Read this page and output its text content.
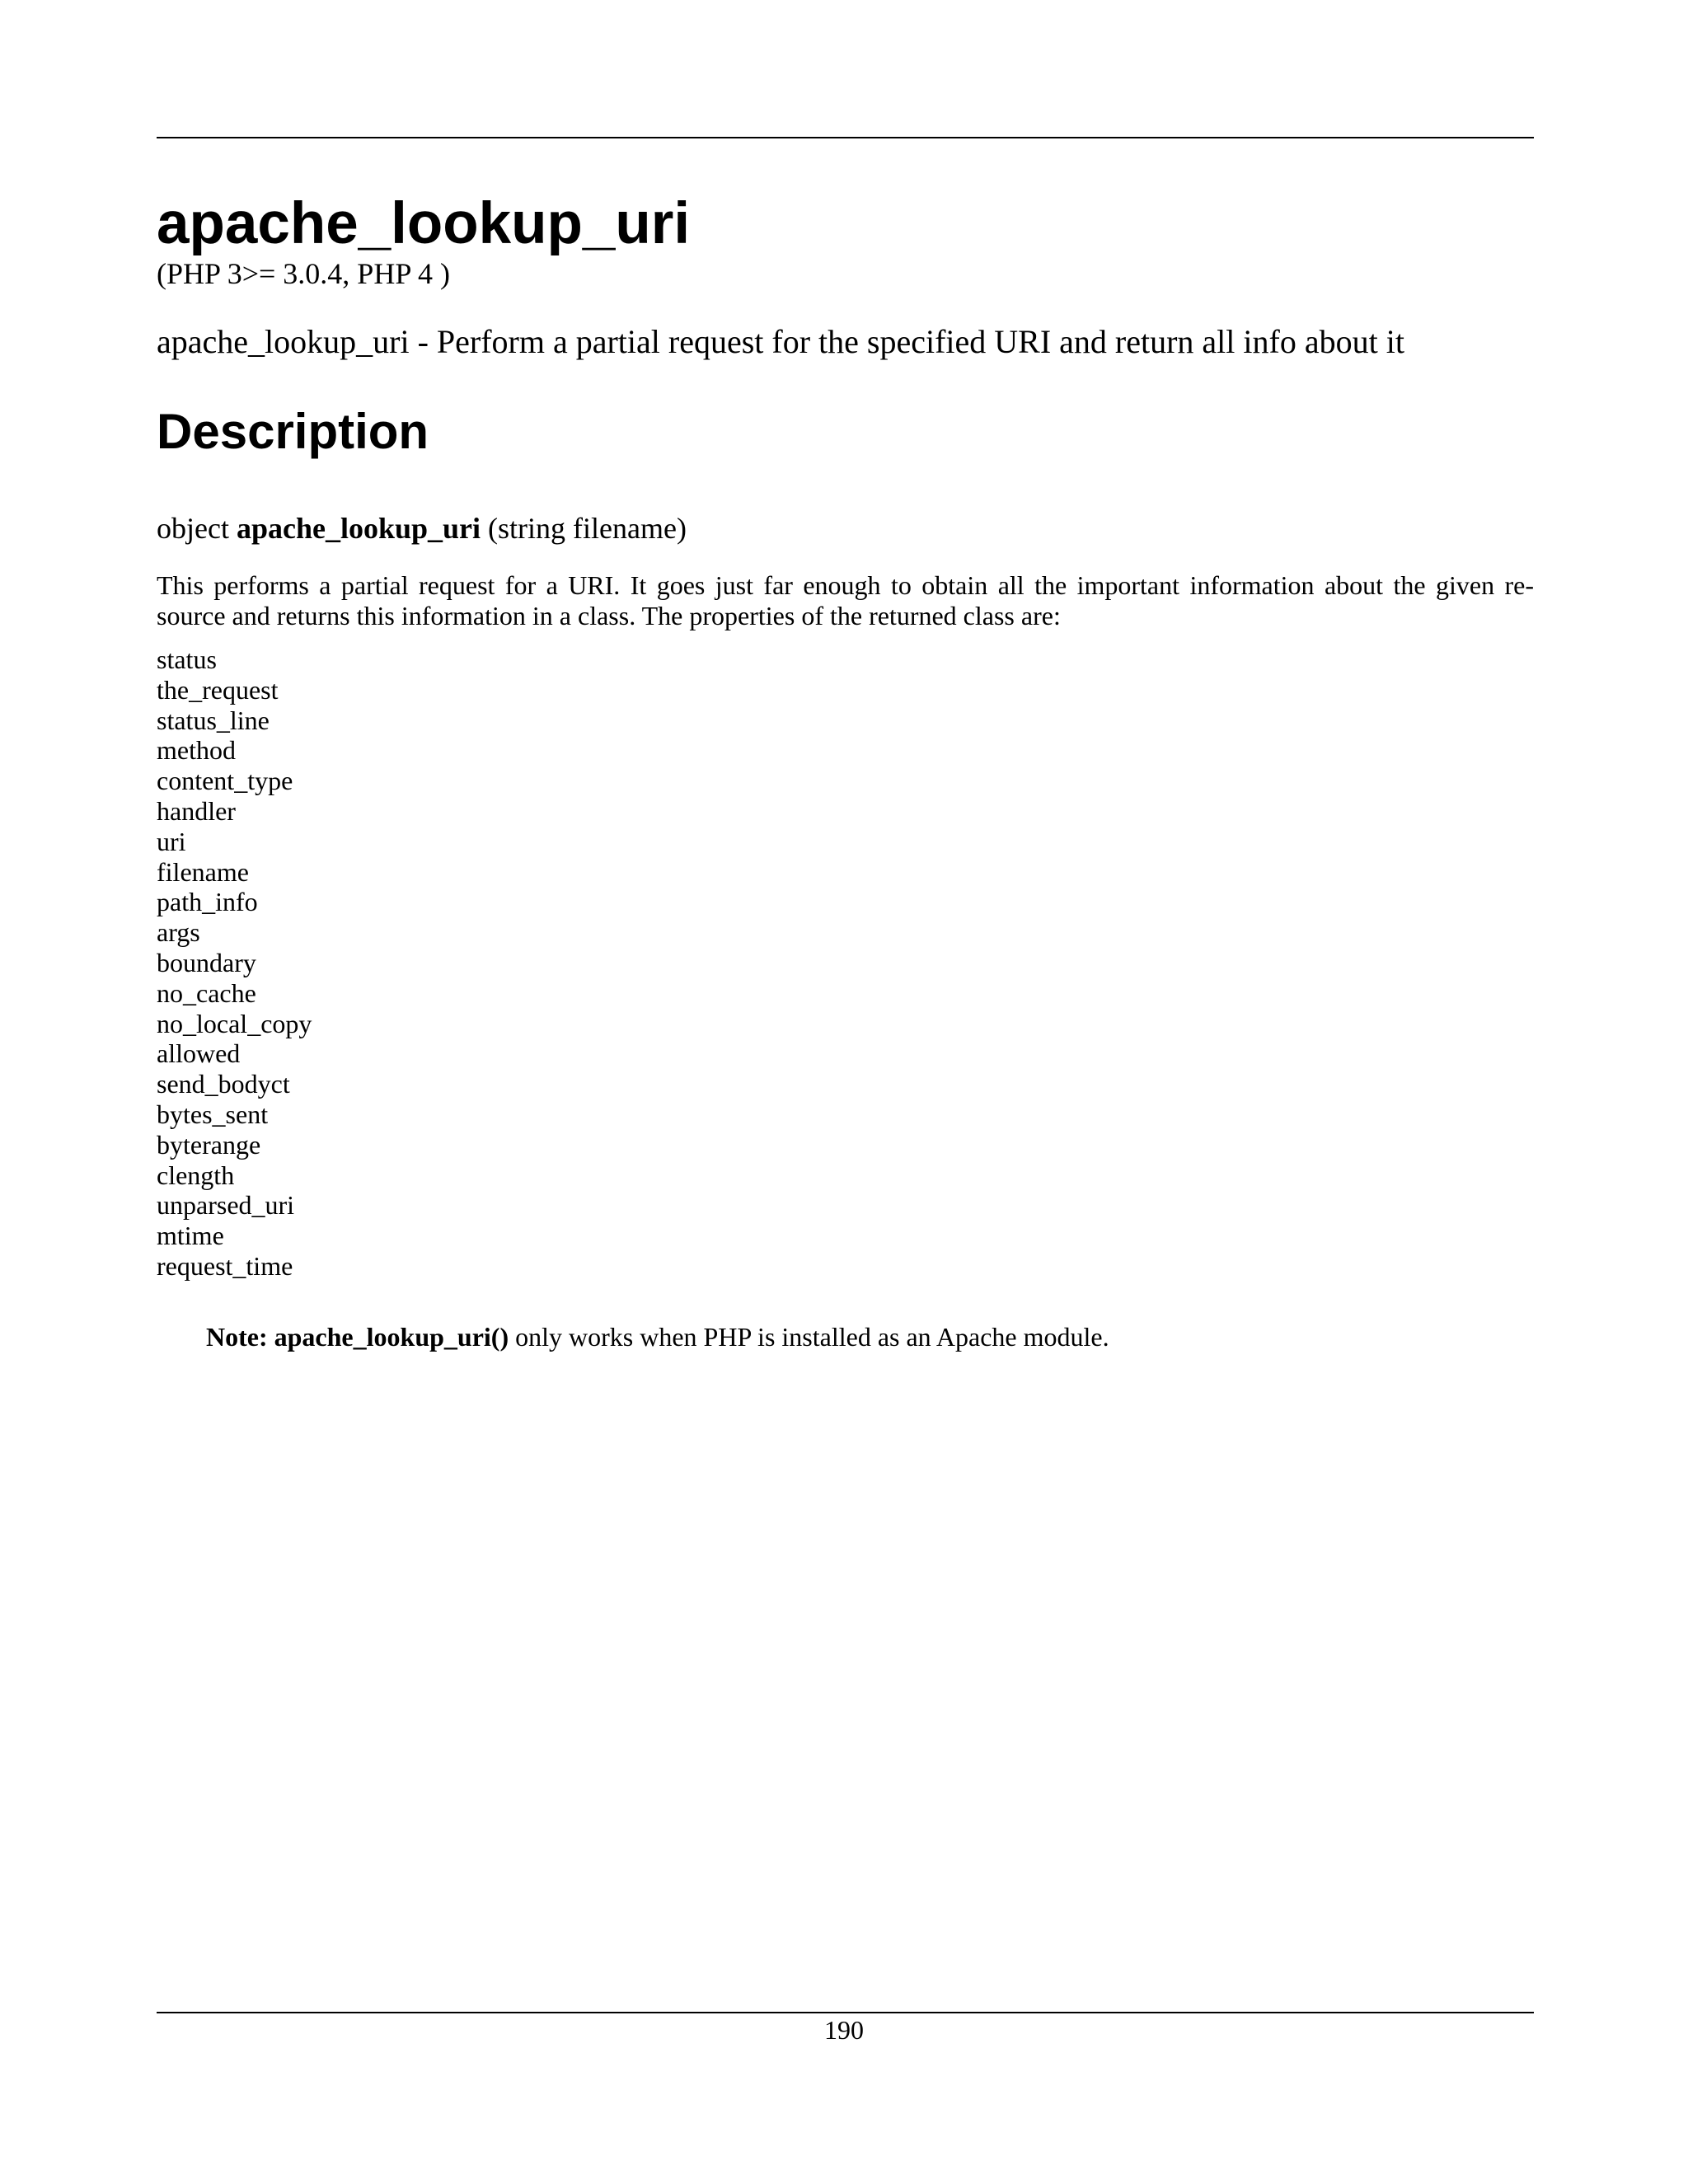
apache_lookup_uri
(PHP 3>= 3.0.4, PHP 4 )
apache_lookup_uri - Perform a partial request for the specified URI and return all info about it
Description
object apache_lookup_uri (string filename)

This performs a partial request for a URI. It goes just far enough to obtain all the important information about the given re-
source and returns this information in a class. The properties of the returned class are:

status
the_request
status_line
method
content_type
handler
uri
filename
path_info
args
boundary
no_cache
no_local_copy
allowed
send_bodyct
bytes_sent
byterange
clength
unparsed_uri
mtime
request_time
Note: apache_lookup_uri() only works when PHP is installed as an Apache module.
190
